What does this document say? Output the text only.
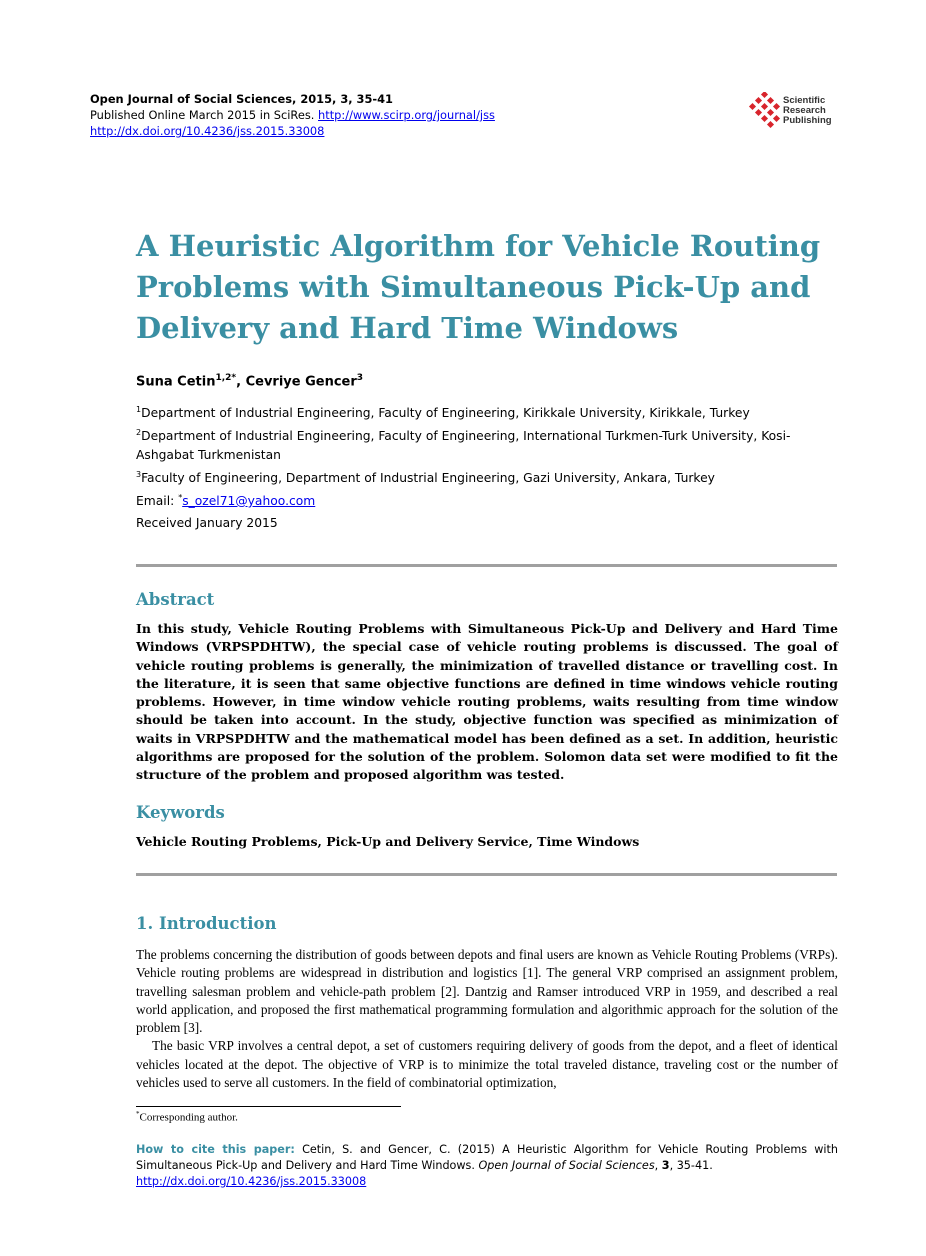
Open Journal of Social Sciences, 2015, 3, 35-41
Published Online March 2015 in SciRes. http://www.scirp.org/journal/jss
http://dx.doi.org/10.4236/jss.2015.33008
Scientific
Research
Publishing
A Heuristic Algorithm for Vehicle Routing Problems with Simultaneous Pick-Up and Delivery and Hard Time Windows
Suna Cetin$^{1,2*}$, Cevriye Gencer$^3$
$^1$Department of Industrial Engineering, Faculty of Engineering, Kirikkale University, Kirikkale, Turkey
$^2$Department of Industrial Engineering, Faculty of Engineering, International Turkmen-Turk University, Kosi-Ashgabat Turkmenistan
$^3$Faculty of Engineering, Department of Industrial Engineering, Gazi University, Ankara, Turkey
Email: *s_ozel71@yahoo.com
Received January 2015
Abstract
In this study, Vehicle Routing Problems with Simultaneous Pick-Up and Delivery and Hard Time Windows (VRPSPDHTW), the special case of vehicle routing problems is discussed. The goal of vehicle routing problems is generally, the minimization of travelled distance or travelling cost. In the literature, it is seen that same objective functions are defined in time windows vehicle routing problems. However, in time window vehicle routing problems, waits resulting from time window should be taken into account. In the study, objective function was specified as minimization of waits in VRPSPDHTW and the mathematical model has been defined as a set. In addition, heuristic algorithms are proposed for the solution of the problem. Solomon data set were modified to fit the structure of the problem and proposed algorithm was tested.
Keywords
Vehicle Routing Problems, Pick-Up and Delivery Service, Time Windows
1. Introduction

The problems concerning the distribution of goods between depots and final users are known as Vehicle Routing Problems (VRPs). Vehicle routing problems are widespread in distribution and logistics [1]. The general VRP comprised an assignment problem, travelling salesman problem and vehicle-path problem [2]. Dantzig and Ramser introduced VRP in 1959, and described a real world application, and proposed the first mathematical programming formulation and algorithmic approach for the solution of the problem [3].

The basic VRP involves a central depot, a set of customers requiring delivery of goods from the depot, and a fleet of identical vehicles located at the depot. The objective of VRP is to minimize the total traveled distance, traveling cost or the number of vehicles used to serve all customers. In the field of combinatorial optimization,

*Corresponding author.
How to cite this paper: Cetin, S. and Gencer, C. (2015) A Heuristic Algorithm for Vehicle Routing Problems with Simultaneous Pick-Up and Delivery and Hard Time Windows. Open Journal of Social Sciences, 3, 35-41.
http://dx.doi.org/10.4236/jss.2015.33008
